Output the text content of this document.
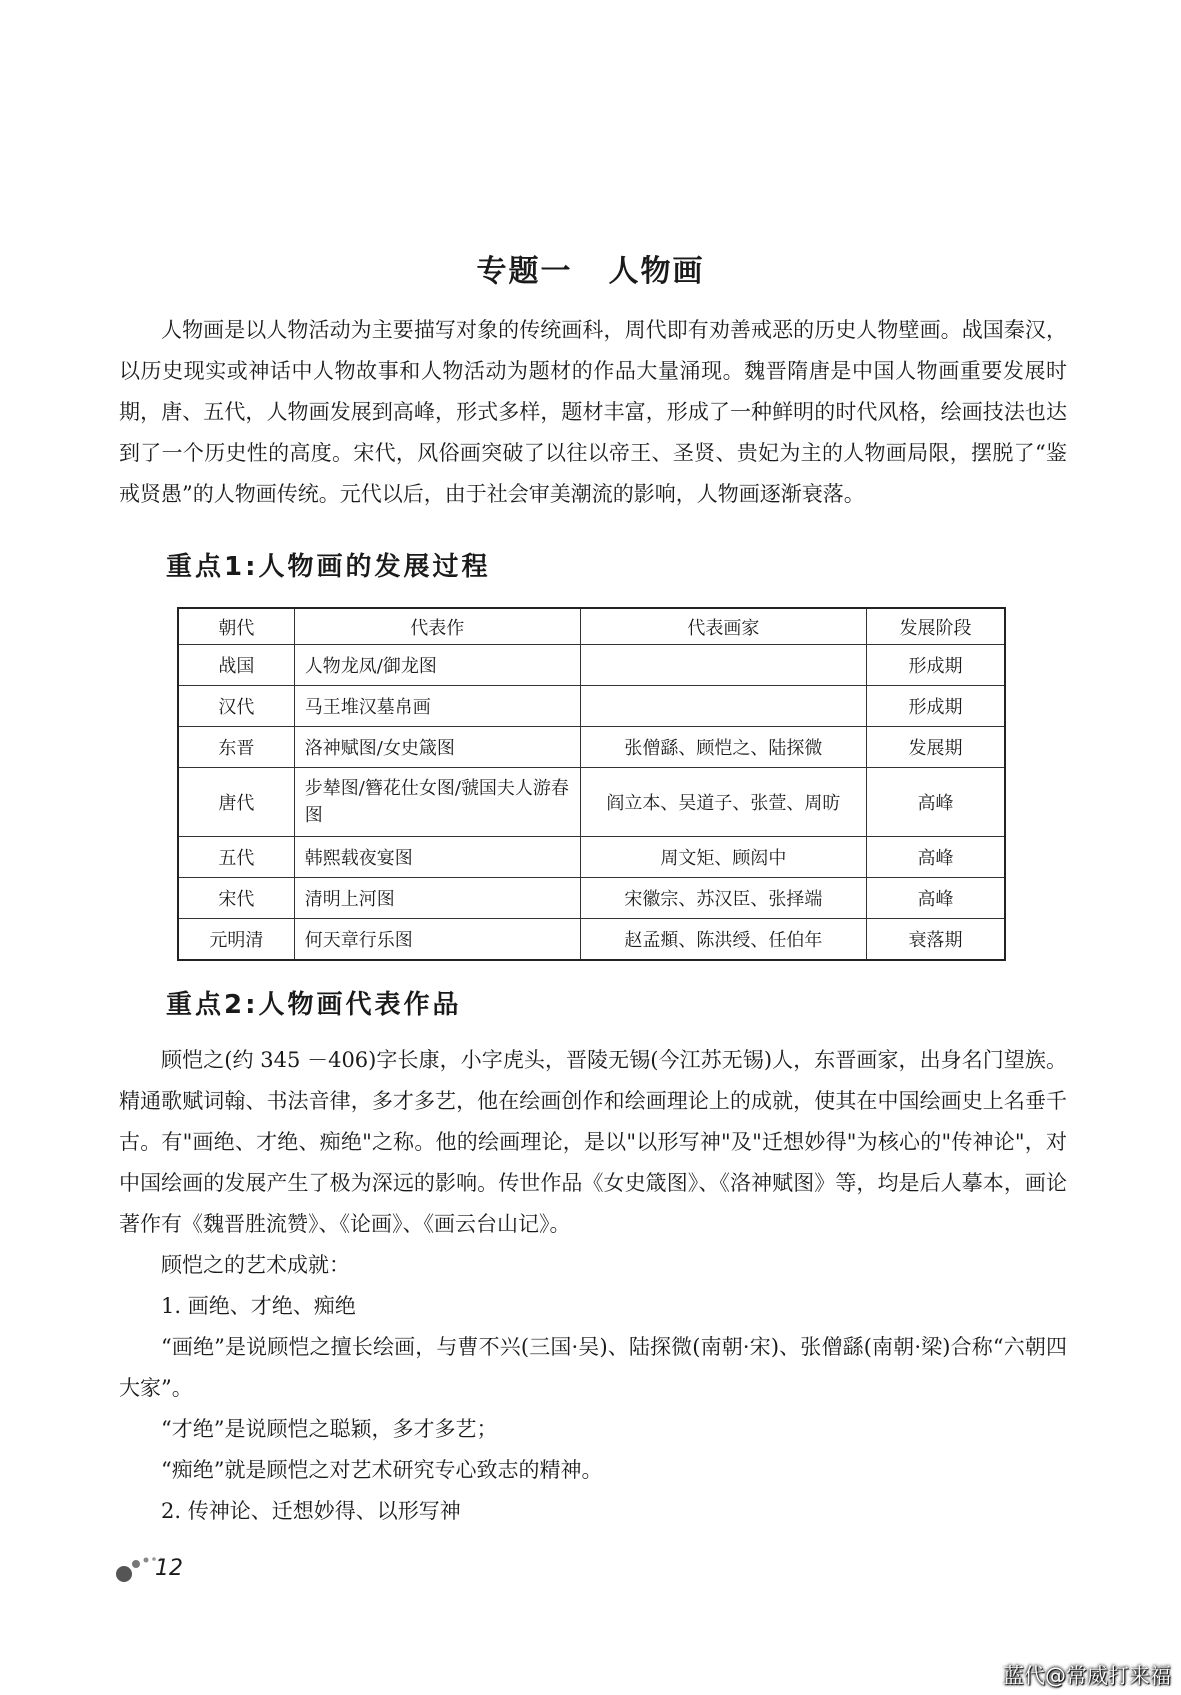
专题一 人物画

人物画是以人物活动为主要描写对象的传统画科，周代即有劝善戒恶的历史人物壁画。战国秦汉，以历史现实或神话中人物故事和人物活动为题材的作品大量涌现。魏晋隋唐是中国人物画重要发展时期，唐、五代，人物画发展到高峰，形式多样，题材丰富，形成了一种鲜明的时代风格，绘画技法也达到了一个历史性的高度。宋代，风俗画突破了以往以帝王、圣贤、贵妃为主的人物画局限，摆脱了“鉴戒贤愚”的人物画传统。元代以后，由于社会审美潮流的影响，人物画逐渐衰落。

重点1:人物画的发展过程
朝代	代表作	代表画家	发展阶段
战国	人物龙凤/御龙图		形成期
汉代	马王堆汉墓帛画		形成期
东晋	洛神赋图/女史箴图	张僧繇、顾恺之、陆探微	发展期
唐代	步辇图/簪花仕女图/虢国夫人游春图	阎立本、吴道子、张萱、周昉	高峰
五代	韩熙载夜宴图	周文矩、顾闳中	高峰
宋代	清明上河图	宋徽宗、苏汉臣、张择端	高峰
元明清	何天章行乐图	赵孟頫、陈洪绶、任伯年	衰落期
重点2:人物画代表作品

顾恺之(约 345 －406)字长康，小字虎头，晋陵无锡(今江苏无锡)人，东晋画家，出身名门望族。精通歌赋词翰、书法音律，多才多艺，他在绘画创作和绘画理论上的成就，使其在中国绘画史上名垂千古。有"画绝、才绝、痴绝"之称。他的绘画理论，是以"以形写神"及"迁想妙得"为核心的"传神论"，对中国绘画的发展产生了极为深远的影响。传世作品《女史箴图》、《洛神赋图》等，均是后人摹本，画论著作有《魏晋胜流赞》、《论画》、《画云台山记》。

顾恺之的艺术成就：

1. 画绝、才绝、痴绝

“画绝”是说顾恺之擅长绘画，与曹不兴(三国·吴)、陆探微(南朝·宋)、张僧繇(南朝·梁)合称“六朝四大家”。

“才绝”是说顾恺之聪颖，多才多艺；

“痴绝”就是顾恺之对艺术研究专心致志的精神。

2. 传神论、迁想妙得、以形写神

12
蓝代@常威打来福
